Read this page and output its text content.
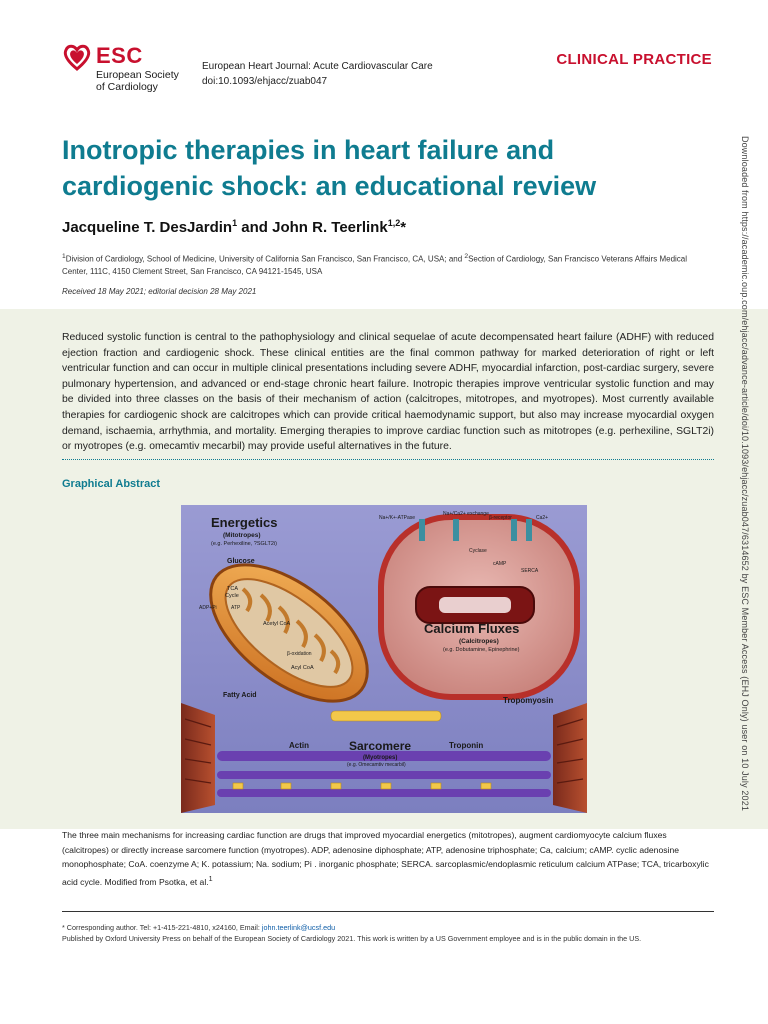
ESC
European Society
of Cardiology
European Heart Journal: Acute Cardiovascular Care
doi:10.1093/ehjacc/zuab047
CLINICAL PRACTICE
Inotropic therapies in heart failure and cardiogenic shock: an educational review
Jacqueline T. DesJardin$^1$ and John R. Teerlink$^{1,2}$*
$^1$Division of Cardiology, School of Medicine, University of California San Francisco, San Francisco, CA, USA; and $^2$Section of Cardiology, San Francisco Veterans Affairs Medical Center, 111C, 4150 Clement Street, San Francisco, CA 94121-1545, USA
Received 18 May 2021; editorial decision 28 May 2021
Reduced systolic function is central to the pathophysiology and clinical sequelae of acute decompensated heart failure (ADHF) with reduced ejection fraction and cardiogenic shock. These clinical entities are the final common pathway for marked deterioration of right or left ventricular function and can occur in multiple clinical presentations including severe ADHF, myocardial infarction, post-cardiac surgery, severe pulmonary hypertension, and advanced or end-stage chronic heart failure. Inotropic therapies improve ventricular systolic function and may be divided into three classes on the basis of their mechanism of action (calcitropes, mitotropes, and myotropes). Most currently available therapies for cardiogenic shock are calcitropes which can provide critical haemodynamic support, but also may increase myocardial oxygen demand, ischaemia, arrhythmia, and mortality. Emerging therapies to improve cardiac function such as mitotropes (e.g. perhexiline, SGLT2i) or myotropes (e.g. omecamtiv mecarbil) may provide useful alternatives in the future.
Graphical Abstract
Na+/K+-ATPase
Na+/Ca2+ exchange
β-receptor	Ca2+
Cyclase
cAMP
SERCA
Calcium Fluxes
(Calcitropes)
(e.g. Dobutamine, Epinephrine)
Energetics
(Mitotropes)
(e.g. Perhexiline, ?SGLT2i)
Glucose
TCA
Cycle
ADP+Pi	ATP
Acetyl CoA
β-oxidation
Acyl CoA
Fatty Acid
Actin	Sarcomere
(Myotropes)
(e.g. Omecamtiv mecarbil)
Troponin
Tropomyosin
The three main mechanisms for increasing cardiac function are drugs that improved myocardial energetics (mitotropes), augment cardiomyocyte calcium fluxes (calcitropes) or directly increase sarcomere function (myotropes). ADP, adenosine diphosphate; ATP, adenosine triphosphate; Ca, calcium; cAMP. cyclic adenosine monophosphate; CoA. coenzyme A; K. potassium; Na. sodium; Pi . inorganic phosphate; SERCA. sarcoplasmic/endoplasmic reticulum calcium ATPase; TCA, tricarboxylic acid cycle. Modified from Psotka, et al.$^1$
* Corresponding author. Tel: +1-415-221-4810, x24160, Email: john.teerlink@ucsf.edu
Published by Oxford University Press on behalf of the European Society of Cardiology 2021. This work is written by a US Government employee and is in the public domain in the US.
Downloaded from https://academic.oup.com/ehjacc/advance-article/doi/10.1093/ehjacc/zuab047/6314652 by ESC Member Access (EHJ Only) user on 10 July 2021
